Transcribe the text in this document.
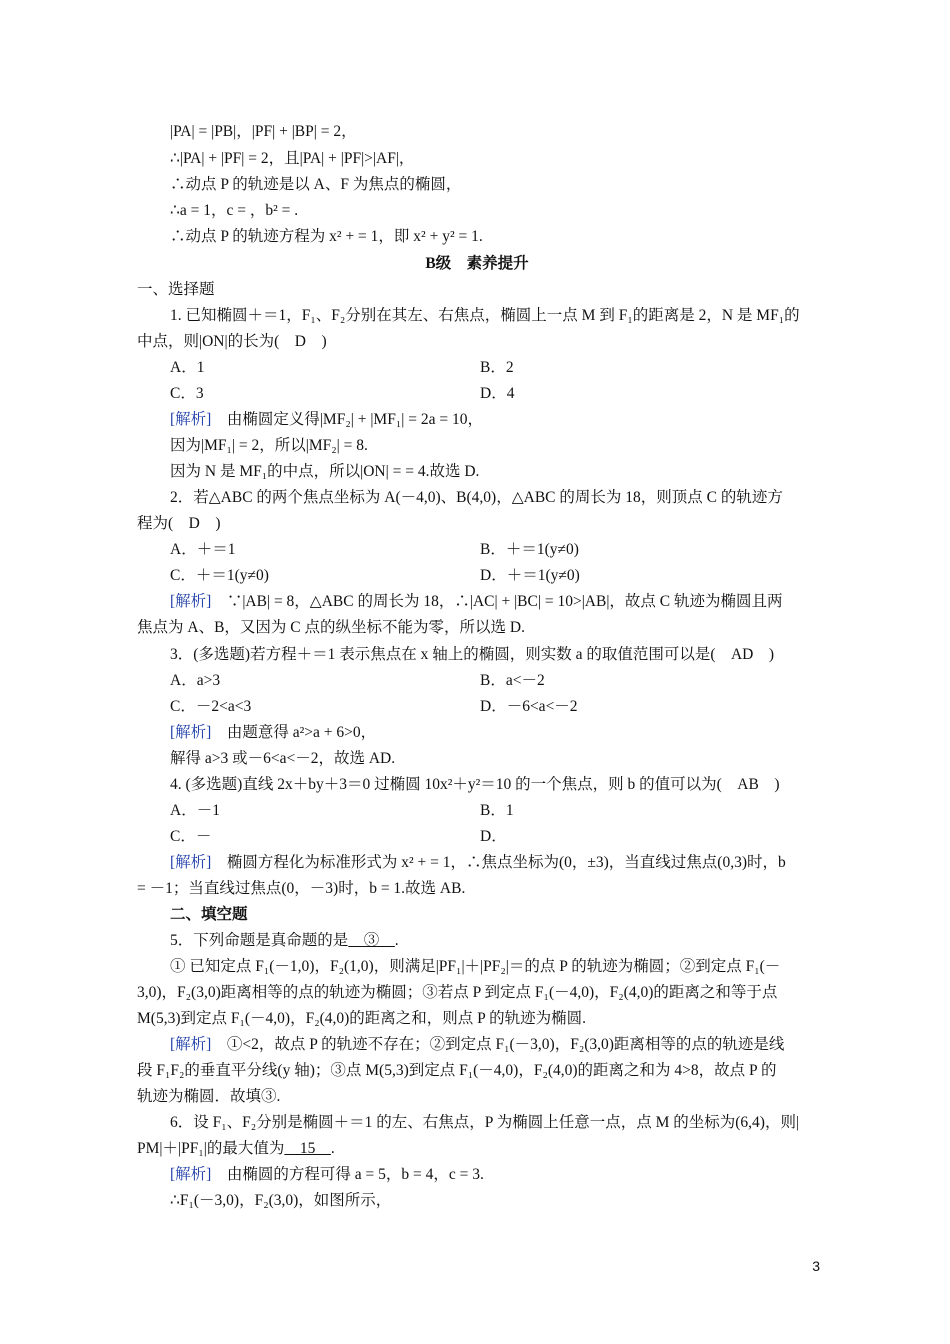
|PA| = |PB|，|PF| + |BP| = 2，
∴|PA| + |PF| = 2，且|PA| + |PF|>|AF|，
∴动点 P 的轨迹是以 A、F 为焦点的椭圆，
∴a = 1，c = ，b² = .
∴动点 P 的轨迹方程为 x² + = 1，即 x² + y² = 1.
B级　素养提升
一、选择题
1. 已知椭圆＋＝1，F₁、F₂分别在其左、右焦点，椭圆上一点 M 到 F₁的距离是 2，N 是 MF₁的
中点，则|ON|的长为(　D　)
A．1	B．2
C．3	D．4
[解析]　由椭圆定义得|MF₂| + |MF₁| = 2a = 10，
因为|MF₁| = 2，所以|MF₂| = 8.
因为 N 是 MF₁的中点，所以|ON| = = 4.故选 D.
2．若△ABC 的两个焦点坐标为 A(－4,0)、B(4,0)，△ABC 的周长为 18，则顶点 C 的轨迹方
程为(　D　)
A．＋＝1	B．＋＝1(y≠0)
C．＋＝1(y≠0)	D．＋＝1(y≠0)
[解析]　∵|AB| = 8，△ABC 的周长为 18，∴|AC| + |BC| = 10>|AB|，故点 C 轨迹为椭圆且两
焦点为 A、B，又因为 C 点的纵坐标不能为零，所以选 D.
3．(多选题)若方程＋＝1 表示焦点在 x 轴上的椭圆，则实数 a 的取值范围可以是(　AD　)
A．a>3	B．a<－2
C．－2<a<3	D．－6<a<－2
[解析]　由题意得 a²>a + 6>0，
解得 a>3 或－6<a<－2，故选 AD.
4. (多选题)直线 2x＋by＋3＝0 过椭圆 10x²＋y²＝10 的一个焦点，则 b 的值可以为(　AB　)
A．－1	B．1
C．－	D．
[解析]　椭圆方程化为标准形式为 x² + = 1，∴焦点坐标为(0，±3)，当直线过焦点(0,3)时，b
= －1；当直线过焦点(0，－3)时，b = 1.故选 AB.
二、填空题
5．下列命题是真命题的是　③　.
① 已知定点 F₁(－1,0)，F₂(1,0)，则满足|PF₁|＋|PF₂|＝的点 P 的轨迹为椭圆；②到定点 F₁(－
3,0)，F₂(3,0)距离相等的点的轨迹为椭圆；③若点 P 到定点 F₁(－4,0)，F₂(4,0)的距离之和等于点
M(5,3)到定点 F₁(－4,0)，F₂(4,0)的距离之和，则点 P 的轨迹为椭圆.
[解析]　①<2，故点 P 的轨迹不存在；②到定点 F₁(－3,0)，F₂(3,0)距离相等的点的轨迹是线
段 F₁F₂的垂直平分线(y 轴)；③点 M(5,3)到定点 F₁(－4,0)，F₂(4,0)的距离之和为 4>8，故点 P 的
轨迹为椭圆．故填③.
6．设 F₁、F₂分别是椭圆＋＝1 的左、右焦点，P 为椭圆上任意一点，点 M 的坐标为(6,4)，则|
PM|＋|PF₁|的最大值为　15　.
[解析]　由椭圆的方程可得 a = 5，b = 4，c = 3.
∴F₁(－3,0)，F₂(3,0)，如图所示，
3
